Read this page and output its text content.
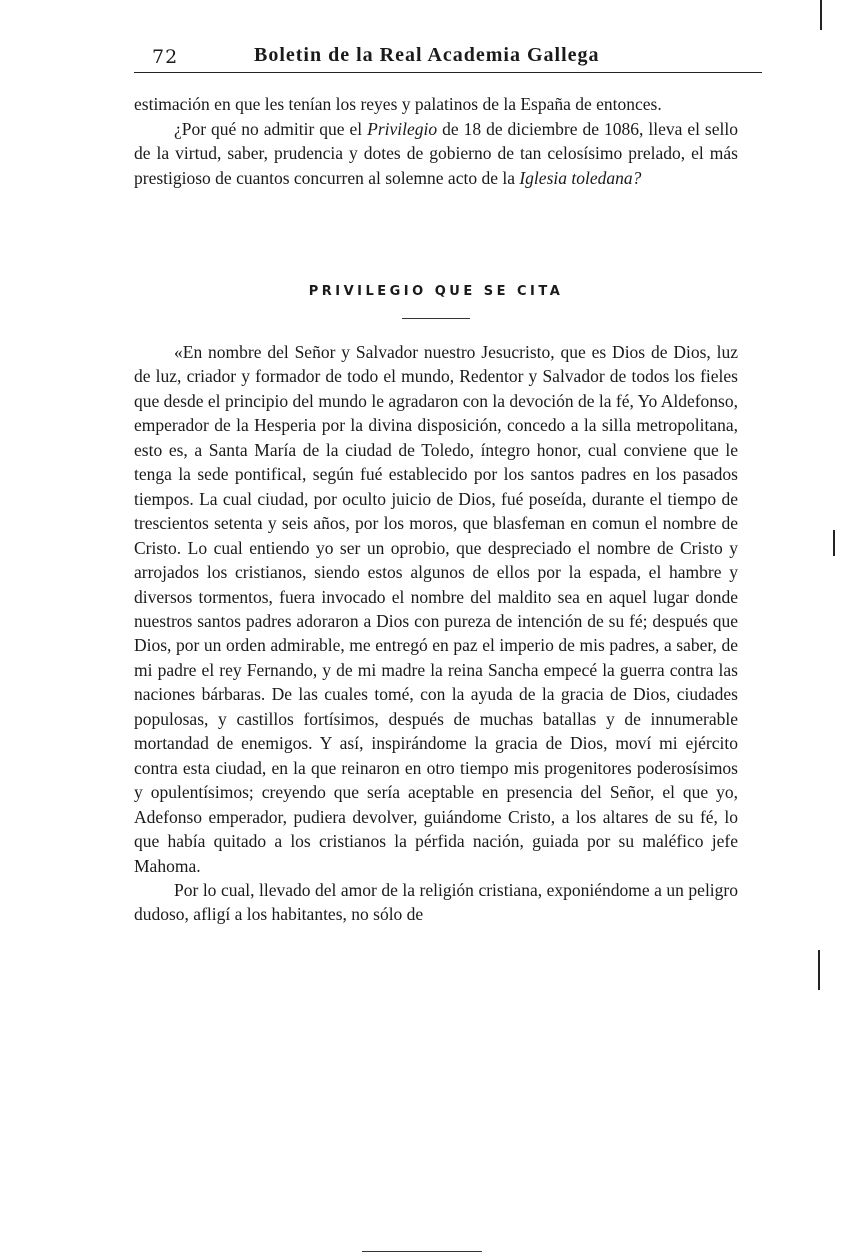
72	Boletin de la Real Academia Gallega

estimación en que les tenían los reyes y palatinos de la España de entonces.

¿Por qué no admitir que el Privilegio de 18 de diciembre de 1086, lleva el sello de la virtud, saber, prudencia y dotes de gobierno de tan celosísimo prelado, el más prestigioso de cuantos concurren al solemne acto de la Iglesia toledana?

PRIVILEGIO QUE SE CITA

«En nombre del Señor y Salvador nuestro Jesucristo, que es Dios de Dios, luz de luz, criador y formador de todo el mundo, Redentor y Salvador de todos los fieles que desde el principio del mundo le agradaron con la devoción de la fé, Yo Aldefonso, emperador de la Hesperia por la divina disposición, concedo a la silla metropolitana, esto es, a Santa María de la ciudad de Toledo, íntegro honor, cual conviene que le tenga la sede pontifical, según fué establecido por los santos padres en los pasados tiempos. La cual ciudad, por oculto juicio de Dios, fué poseída, durante el tiempo de trescientos setenta y seis años, por los moros, que blasfeman en comun el nombre de Cristo. Lo cual entiendo yo ser un oprobio, que despreciado el nombre de Cristo y arrojados los cristianos, siendo estos algunos de ellos por la espada, el hambre y diversos tormentos, fuera invocado el nombre del maldito sea en aquel lugar donde nuestros santos padres adoraron a Dios con pureza de intención de su fé; después que Dios, por un orden admirable, me entregó en paz el imperio de mis padres, a saber, de mi padre el rey Fernando, y de mi madre la reina Sancha empecé la guerra contra las naciones bárbaras. De las cuales tomé, con la ayuda de la gracia de Dios, ciudades populosas, y castillos fortísimos, después de muchas batallas y de innumerable mortandad de enemigos. Y así, inspirándome la gracia de Dios, moví mi ejército contra esta ciudad, en la que reinaron en otro tiempo mis progenitores poderosísimos y opulentísimos; creyendo que sería aceptable en presencia del Señor, el que yo, Adefonso emperador, pudiera devolver, guiándome Cristo, a los altares de su fé, lo que había quitado a los cristianos la pérfida nación, guiada por su maléfico jefe Mahoma.

Por lo cual, llevado del amor de la religión cristiana, exponiéndome a un peligro dudoso, afligí a los habitantes, no sólo de
